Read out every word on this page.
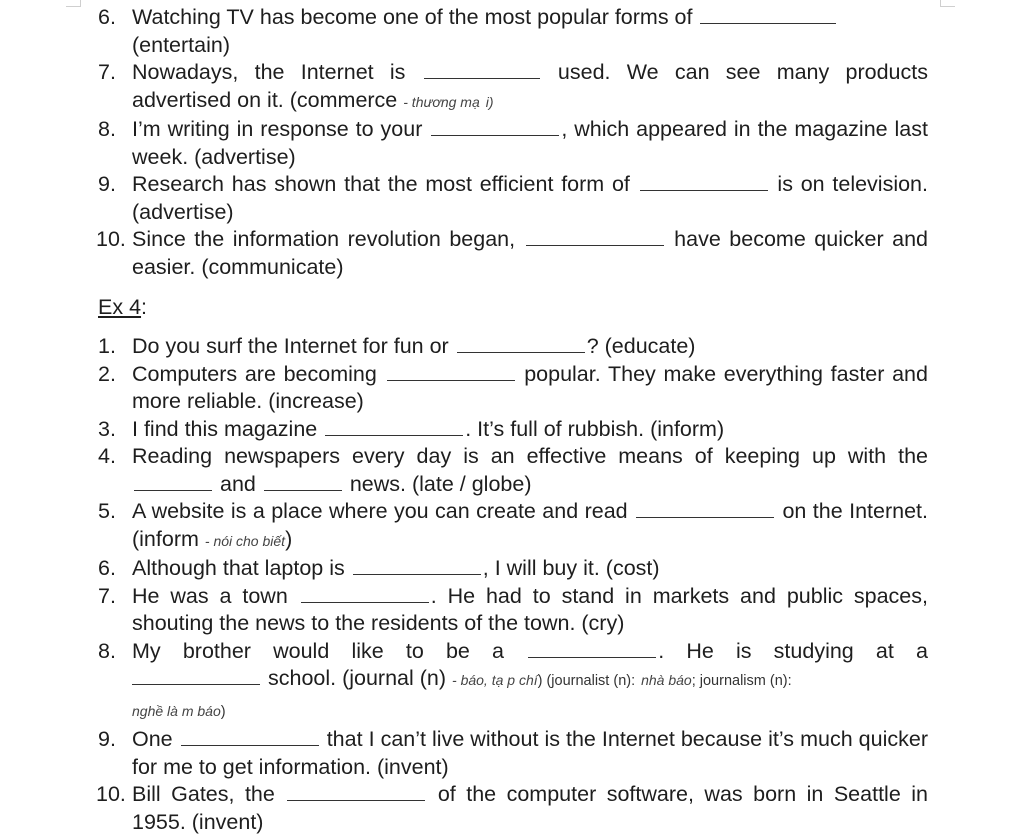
6. Watching TV has become one of the most popular forms of
(entertain)

7. Nowadays, the Internet is	used. We can see many products advertised on it. (commerce - thương mạ i)

8. I’m writing in response to your	, which appeared in the magazine last week. (advertise)

9. Research has shown that the most efficient form of	is on television. (advertise)

10. Since the information revolution began,	have become quicker and easier. (communicate)

Ex 4:

1. Do you surf the Internet for fun or	? (educate)

2. Computers are becoming	popular. They make everything faster and more reliable. (increase)

3. I find this magazine	. It’s full of rubbish. (inform)

4. Reading newspapers every day is an effective means of keeping up with the  and	news. (late / globe)

5. A website is a place where you can create and read	on the Internet. (inform - nói cho biết)

6. Although that laptop is	, I will buy it. (cost)

7. He was a town	. He had to stand in markets and public spaces, shouting the news to the residents of the town. (cry)

8. My brother would like to be a	. He is studying at a
school. (journal (n) - báo, tạ p chí) (journalist (n): nhà báo; journalism (n):
nghề là m báo)

9. One	that I can’t live without is the Internet because it’s much quicker for me to get information. (invent)

10. Bill Gates, the	of the computer software, was born in Seattle in 1955. (invent)
